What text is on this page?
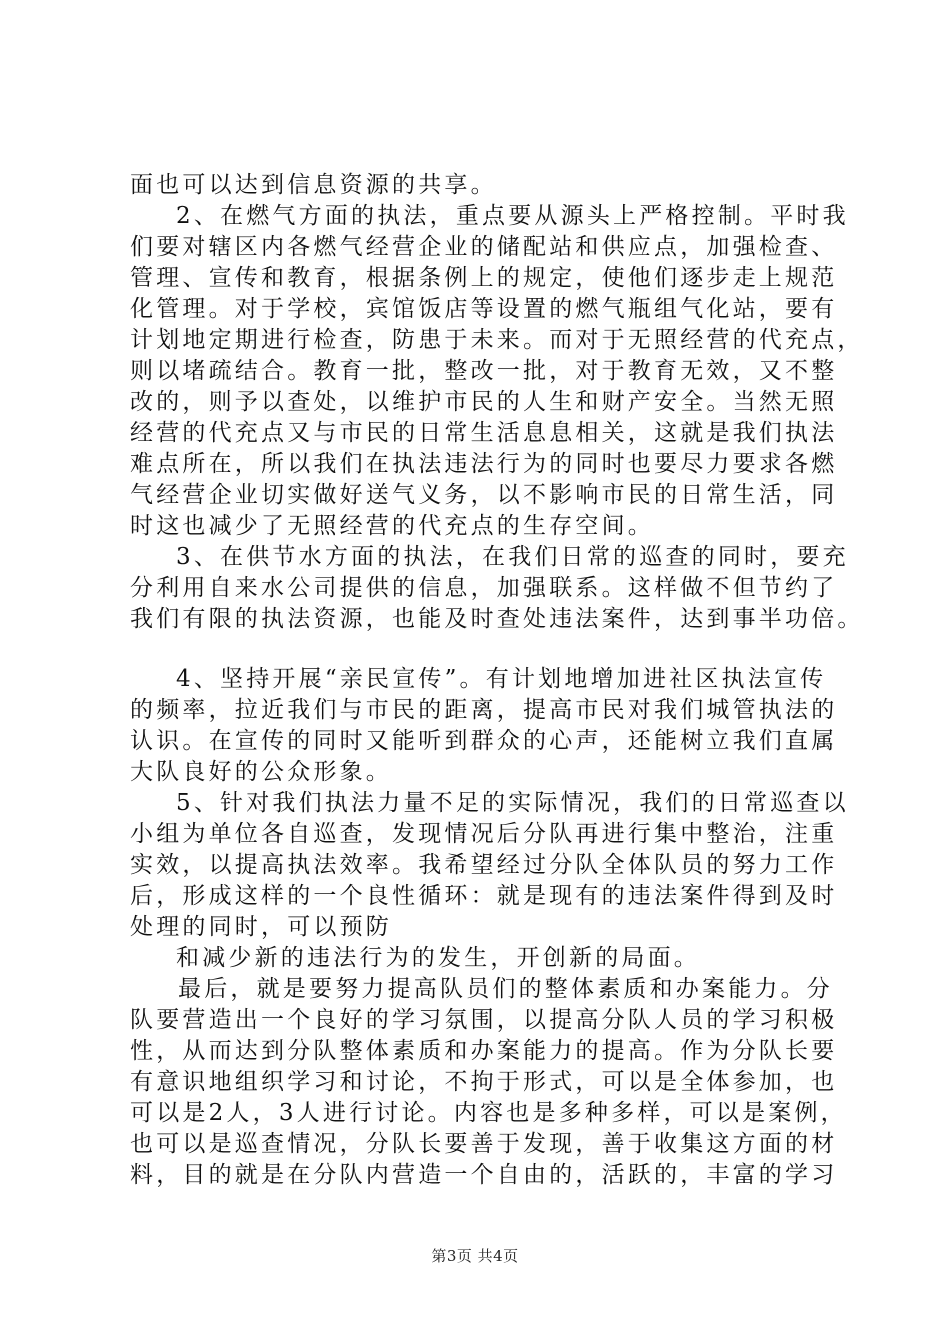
面也可以达到信息资源的共享。
2、在燃气方面的执法，重点要从源头上严格控制。平时我
们要对辖区内各燃气经营企业的储配站和供应点，加强检查、
管理、宣传和教育，根据条例上的规定，使他们逐步走上规范
化管理。对于学校，宾馆饭店等设置的燃气瓶组气化站，要有
计划地定期进行检查，防患于未来。而对于无照经营的代充点，
则以堵疏结合。教育一批，整改一批，对于教育无效，又不整
改的，则予以查处，以维护市民的人生和财产安全。当然无照
经营的代充点又与市民的日常生活息息相关，这就是我们执法
难点所在，所以我们在执法违法行为的同时也要尽力要求各燃
气经营企业切实做好送气义务，以不影响市民的日常生活，同
时这也减少了无照经营的代充点的生存空间。
3、在供节水方面的执法，在我们日常的巡查的同时，要充
分利用自来水公司提供的信息，加强联系。这样做不但节约了
我们有限的执法资源，也能及时查处违法案件，达到事半功倍。
4、坚持开展“亲民宣传”。有计划地增加进社区执法宣传
的频率，拉近我们与市民的距离，提高市民对我们城管执法的
认识。在宣传的同时又能听到群众的心声，还能树立我们直属
大队良好的公众形象。
5、针对我们执法力量不足的实际情况，我们的日常巡查以
小组为单位各自巡查，发现情况后分队再进行集中整治，注重
实效，以提高执法效率。我希望经过分队全体队员的努力工作
后，形成这样的一个良性循环：就是现有的违法案件得到及时
处理的同时，可以预防
和减少新的违法行为的发生，开创新的局面。
最后，就是要努力提高队员们的整体素质和办案能力。分
队要营造出一个良好的学习氛围，以提高分队人员的学习积极
性，从而达到分队整体素质和办案能力的提高。作为分队长要
有意识地组织学习和讨论，不拘于形式，可以是全体参加，也
可以是2人，3人进行讨论。内容也是多种多样，可以是案例，
也可以是巡查情况，分队长要善于发现，善于收集这方面的材
料，目的就是在分队内营造一个自由的，活跃的，丰富的学习
第3页 共4页
